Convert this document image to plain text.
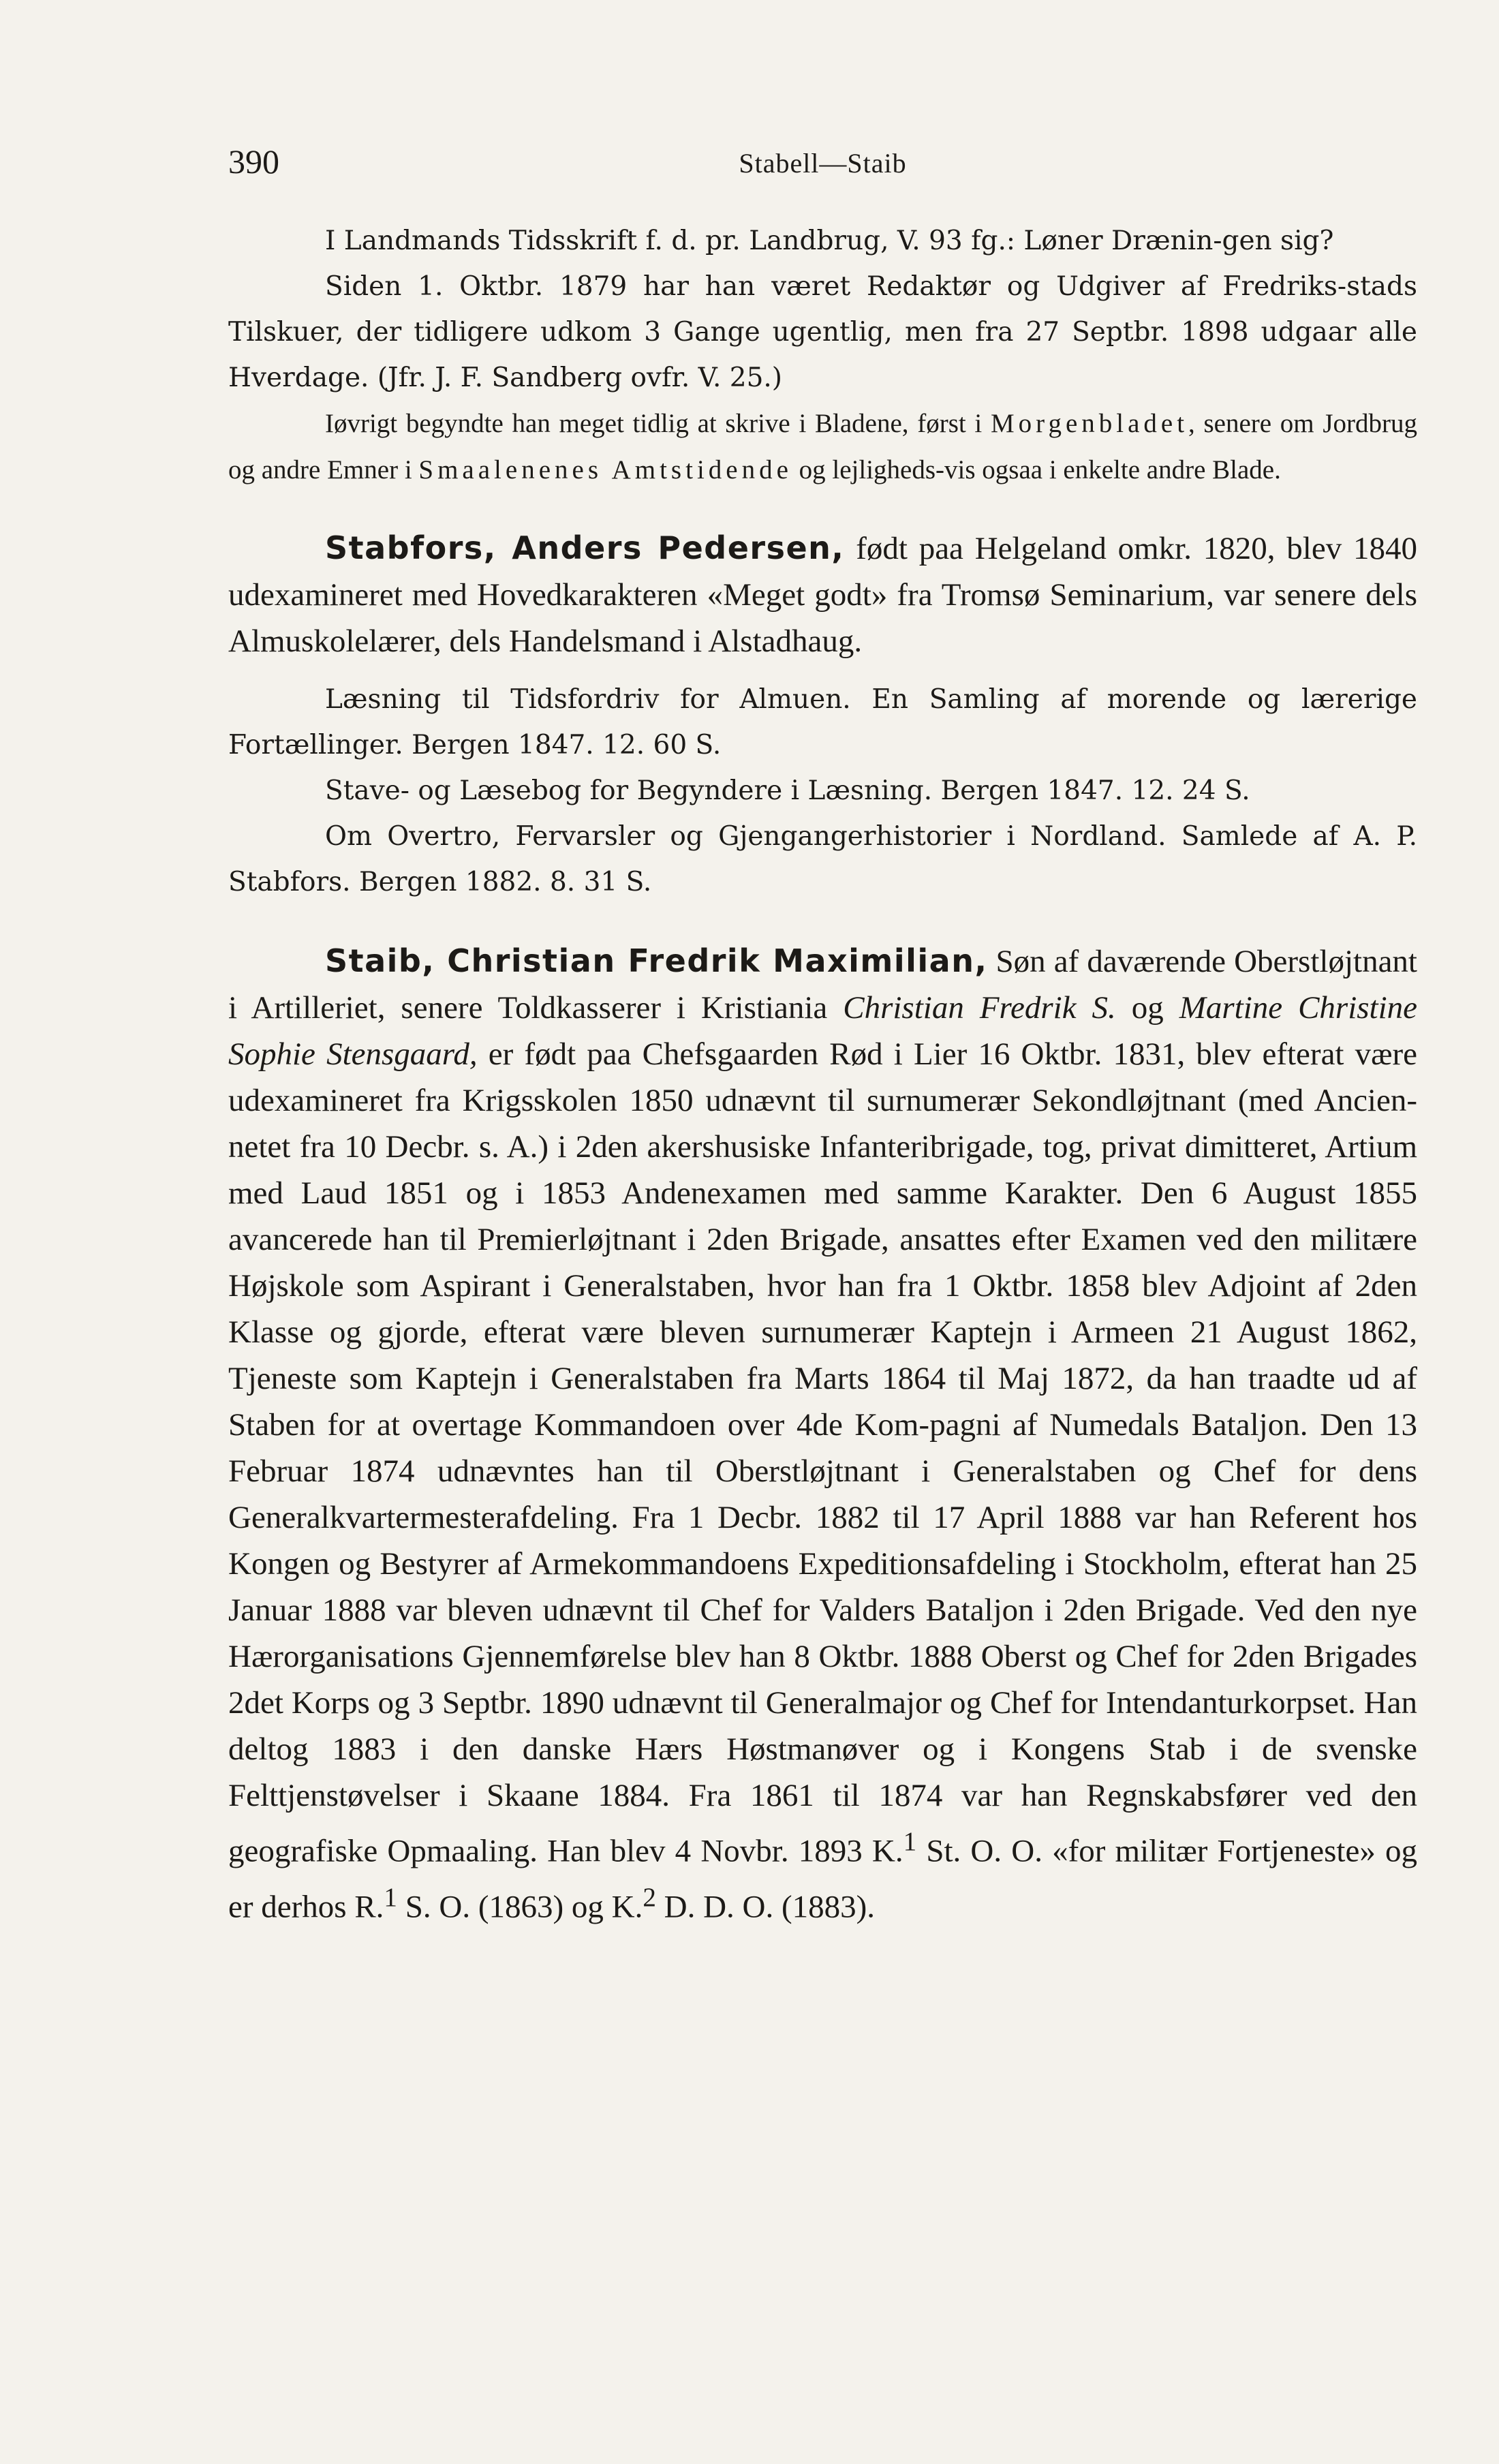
390	Stabell—Staib

I Landmands Tidsskrift f. d. pr. Landbrug, V. 93 fg.: Løner Drænin-gen sig?

Siden 1. Oktbr. 1879 har han været Redaktør og Udgiver af Fredriks-stads Tilskuer, der tidligere udkom 3 Gange ugentlig, men fra 27 Septbr. 1898 udgaar alle Hverdage. (Jfr. J. F. Sandberg ovfr. V. 25.)

Iøvrigt begyndte han meget tidlig at skrive i Bladene, først i Morgenbladet, senere om Jordbrug og andre Emner i Smaalenenes Amtstidende og lejligheds-vis ogsaa i enkelte andre Blade.

Stabfors, Anders Pedersen, født paa Helgeland omkr. 1820, blev 1840 udexamineret med Hovedkarakteren «Meget godt» fra Tromsø Seminarium, var senere dels Almuskolelærer, dels Handelsmand i Alstadhaug.

Læsning til Tidsfordriv for Almuen. En Samling af morende og lærerige Fortællinger. Bergen 1847. 12. 60 S.

Stave- og Læsebog for Begyndere i Læsning. Bergen 1847. 12. 24 S.

Om Overtro, Fervarsler og Gjengangerhistorier i Nordland. Samlede af A. P. Stabfors. Bergen 1882. 8. 31 S.

Staib, Christian Fredrik Maximilian, Søn af daværende Oberstløjtnant i Artilleriet, senere Toldkasserer i Kristiania Christian Fredrik S. og Martine Christine Sophie Stensgaard, er født paa Chefsgaarden Rød i Lier 16 Oktbr. 1831, blev efterat være udexamineret fra Krigsskolen 1850 udnævnt til surnumerær Sekondløjtnant (med Ancien-netet fra 10 Decbr. s. A.) i 2den akershusiske Infanteribrigade, tog, privat dimitteret, Artium med Laud 1851 og i 1853 Andenexamen med samme Karakter. Den 6 August 1855 avancerede han til Premierløjtnant i 2den Brigade, ansattes efter Examen ved den militære Højskole som Aspirant i Generalstaben, hvor han fra 1 Oktbr. 1858 blev Adjoint af 2den Klasse og gjorde, efterat være bleven surnumerær Kaptejn i Armeen 21 August 1862, Tjeneste som Kaptejn i Generalstaben fra Marts 1864 til Maj 1872, da han traadte ud af Staben for at overtage Kommandoen over 4de Kom-pagni af Numedals Bataljon. Den 13 Februar 1874 udnævntes han til Oberstløjtnant i Generalstaben og Chef for dens Generalkvartermesterafdeling. Fra 1 Decbr. 1882 til 17 April 1888 var han Referent hos Kongen og Bestyrer af Armekommandoens Expeditionsafdeling i Stockholm, efterat han 25 Januar 1888 var bleven udnævnt til Chef for Valders Bataljon i 2den Brigade. Ved den nye Hærorganisations Gjennemførelse blev han 8 Oktbr. 1888 Oberst og Chef for 2den Brigades 2det Korps og 3 Septbr. 1890 udnævnt til Generalmajor og Chef for Intendanturkorpset. Han deltog 1883 i den danske Hærs Høstmanøver og i Kongens Stab i de svenske Felttjenstøvelser i Skaane 1884. Fra 1861 til 1874 var han Regnskabsfører ved den geografiske Opmaaling. Han blev 4 Novbr. 1893 K.$^1$ St. O. O. «for militær Fortjeneste» og er derhos R.$^1$ S. O. (1863) og K.$^2$ D. D. O. (1883).
